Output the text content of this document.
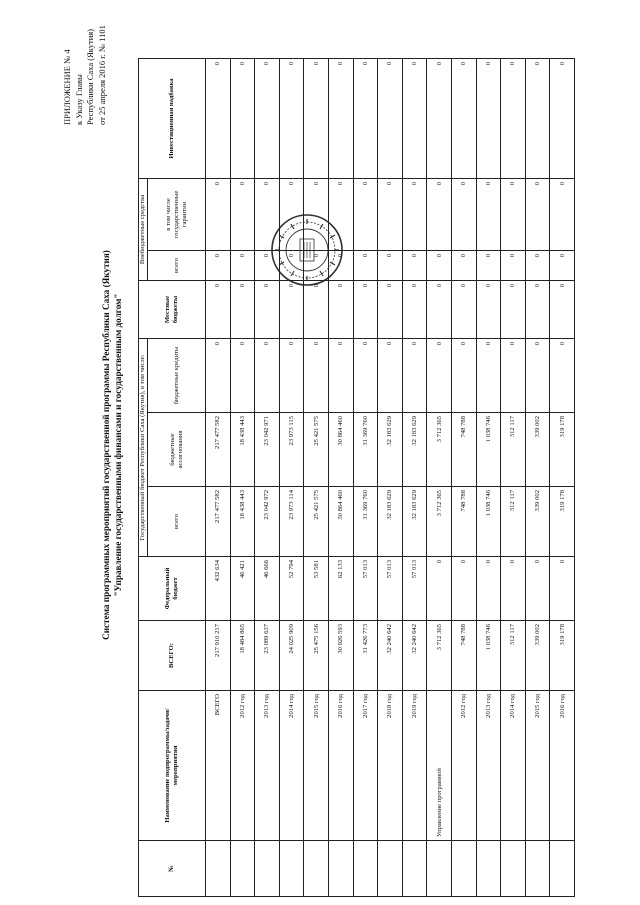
ПРИЛОЖЕНИЕ № 4 к Указу Главы Республики Саха (Якутия) от 25 апреля 2016 г. № 1101
Система программных мероприятий государственной программы Республики Саха (Якутия) "Управление государственными финансами и государственным долгом"
№	Наименование подпрограммы/задачи/мероприятия	ВСЕГО:	Федеральный бюджет	Государственный бюджет Республики Саха (Якутия), в том числе:			Местные бюджеты	Внебюджетные средства		Инвестиционная надбавка
				всего	бюджетные ассигнования	бюджетные кредиты		всего	в том числе государственные гарантии	
	ВСЕГО	217 910 217	432 634	217 477 582	217 477 582	0	0	0	0	0
	2012 год	18 484 865	46 421	18 438 443	18 438 443	0	0	0	0	0
	2013 год	23 089 637	46 666	23 042 972	23 042 971	0	0	0	0	0
	2014 год	24 025 909	52 794	23 973 114	23 973 115	0	0	0	0	0
	2015 год	25 475 156	53 581	25 421 575	25 421 575	0	0	0	0	0
	2016 год	30 926 593	62 133	30 864 460	30 864 460	0	0	0	0	0
	2017 год	31 426 773	57 013	31 369 760	31 369 760	0	0	0	0	0
	2018 год	32 240 642	57 013	32 183 629	32 183 629	0	0	0	0	0
	2019 год	32 240 642	57 013	32 183 629	32 183 629	0	0	0	0	0
	Управление программой	3 712 365	0	3 712 365	3 712 365	0	0	0	0	0
	2012 год	748 788	0	748 788	748 788	0	0	0	0	0
	2013 год	1 038 746	0	1 038 746	1 038 746	0	0	0	0	0
	2014 год	312 117	0	312 117	312 117	0	0	0	0	0
	2015 год	339 002	0	339 002	339 002	0	0	0	0	0
	2016 год	319 178	0	319 178	319 178	0	0	0	0	0
